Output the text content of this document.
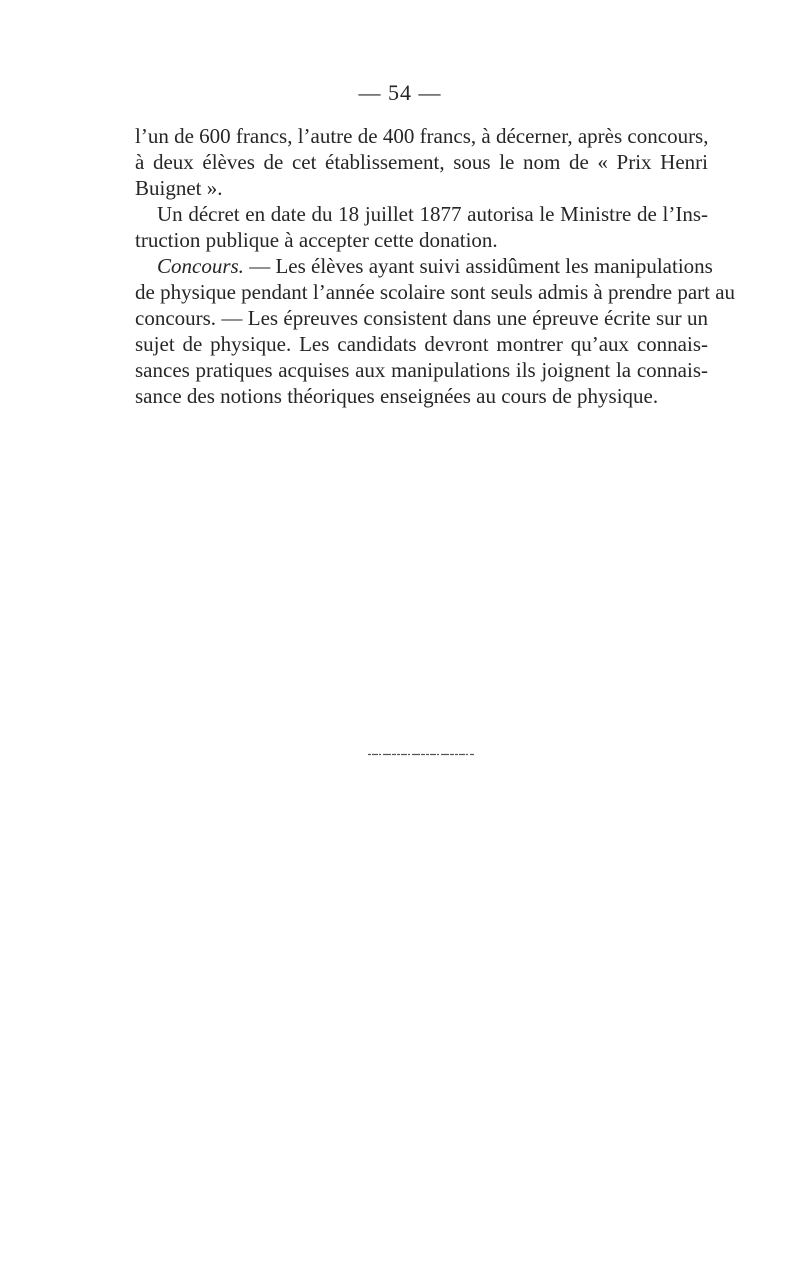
— 54 —

l’un de 600 francs, l’autre de 400 francs, à décerner, après concours,
à deux élèves de cet établissement, sous le nom de « Prix Henri
Buignet ».

Un décret en date du 18 juillet 1877 autorisa le Ministre de l’Ins-
truction publique à accepter cette donation.

Concours. — Les élèves ayant suivi assidûment les manipulations
de physique pendant l’année scolaire sont seuls admis à prendre part au
concours. — Les épreuves consistent dans une épreuve écrite sur un
sujet de physique. Les candidats devront montrer qu’aux connais-
sances pratiques acquises aux manipulations ils joignent la connais-
sance des notions théoriques enseignées au cours de physique.
